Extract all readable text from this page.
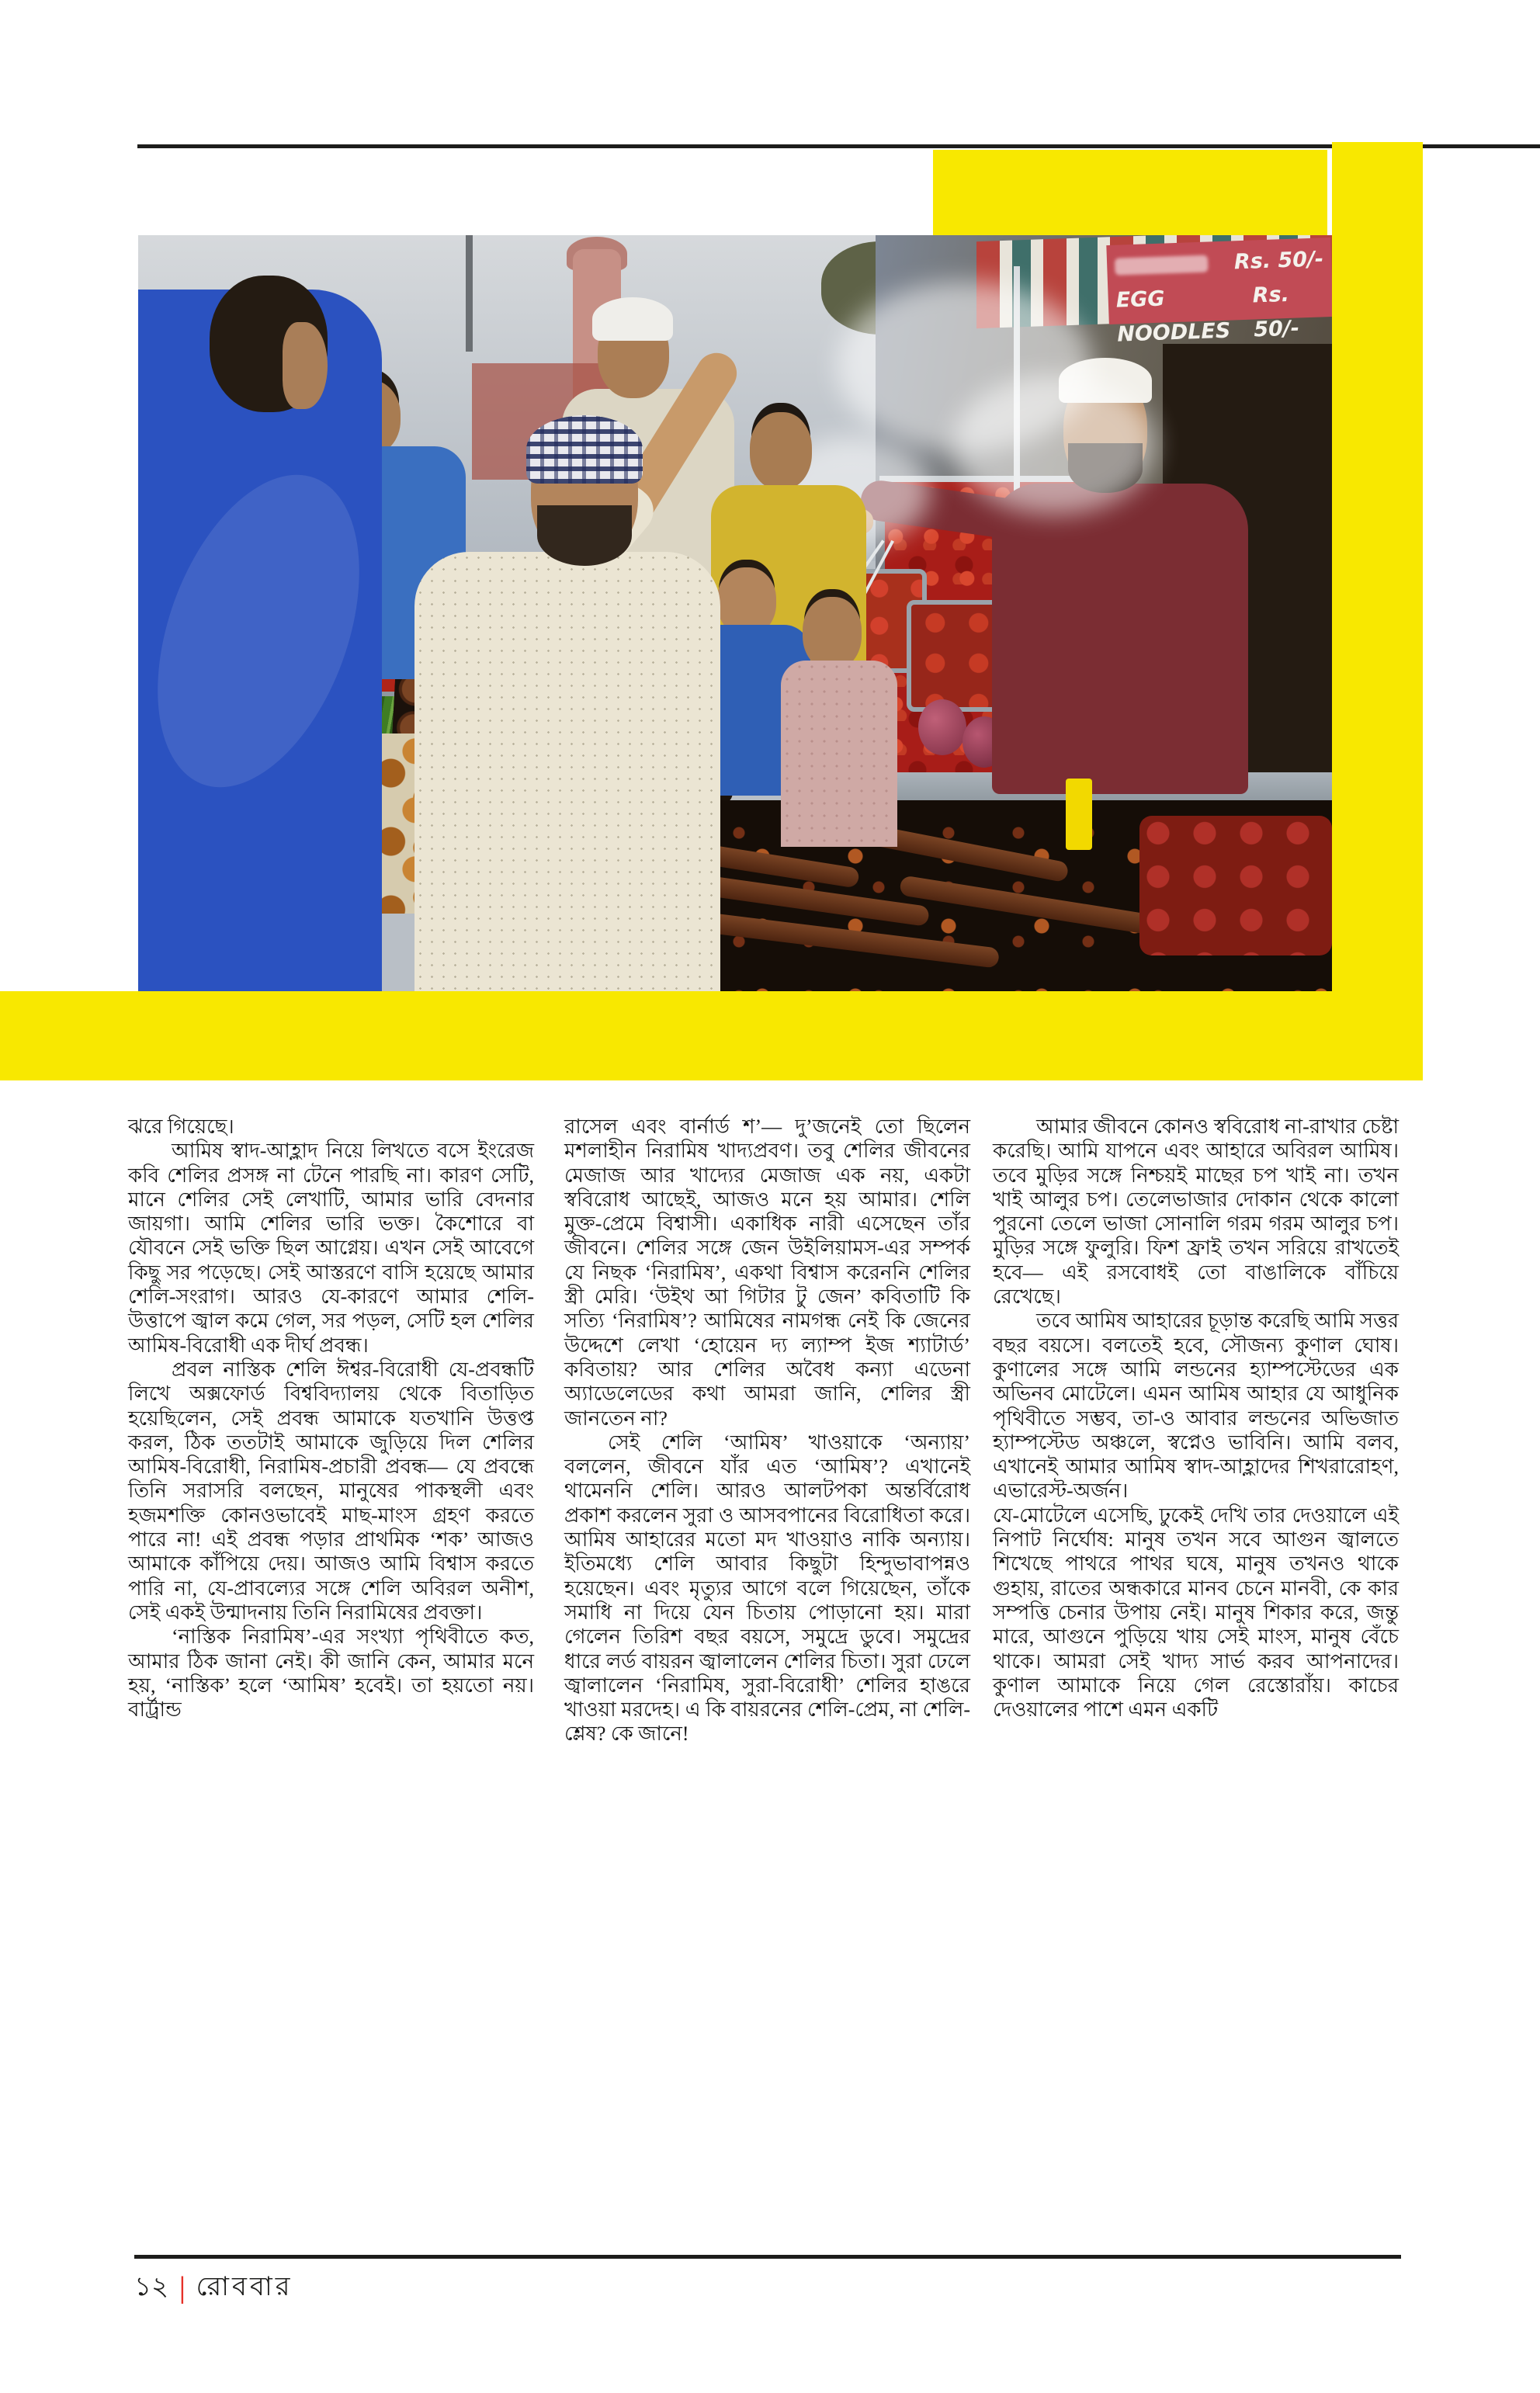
Rs. 50/-
EGG NOODLES
Rs. 50/-

ঝরে গিয়েছে।

আমিষ স্বাদ-আহ্লাদ নিয়ে লিখতে বসে ইংরেজ কবি শেলির প্রসঙ্গ না টেনে পারছি না। কারণ সেটি, মানে শেলির সেই লেখাটি, আমার ভারি বেদনার জায়গা। আমি শেলির ভারি ভক্ত। কৈশোরে বা যৌবনে সেই ভক্তি ছিল আগ্নেয়। এখন সেই আবেগে কিছু সর পড়েছে। সেই আস্তরণে বাসি হয়েছে আমার শেলি-সংরাগ। আরও যে-কারণে আমার শেলি-উত্তাপে জ্বাল কমে গেল, সর পড়ল, সেটি হল শেলির আমিষ-বিরোধী এক দীর্ঘ প্রবন্ধ।

প্রবল নাস্তিক শেলি ঈশ্বর-বিরোধী যে-প্রবন্ধটি লিখে অক্সফোর্ড বিশ্ববিদ্যালয় থেকে বিতাড়িত হয়েছিলেন, সেই প্রবন্ধ আমাকে যতখানি উত্তপ্ত করল, ঠিক ততটাই আমাকে জুড়িয়ে দিল শেলির আমিষ-বিরোধী, নিরামিষ-প্রচারী প্রবন্ধ— যে প্রবন্ধে তিনি সরাসরি বলছেন, মানুষের পাকস্থলী এবং হজমশক্তি কোনওভাবেই মাছ-মাংস গ্রহণ করতে পারে না! এই প্রবন্ধ পড়ার প্রাথমিক ‘শক’ আজও আমাকে কাঁপিয়ে দেয়। আজও আমি বিশ্বাস করতে পারি না, যে-প্রাবল্যের সঙ্গে শেলি অবিরল অনীশ, সেই একই উন্মাদনায় তিনি নিরামিষের প্রবক্তা।

‘নাস্তিক নিরামিষ’-এর সংখ্যা পৃথিবীতে কত, আমার ঠিক জানা নেই। কী জানি কেন, আমার মনে হয়, ‘নাস্তিক’ হলে ‘আমিষ’ হবেই। তা হয়তো নয়। বার্ট্রান্ড

রাসেল এবং বার্নার্ড শ’— দু’জনেই তো ছিলেন মশলাহীন নিরামিষ খাদ্যপ্রবণ। তবু শেলির জীবনের মেজাজ আর খাদ্যের মেজাজ এক নয়, একটা স্ববিরোধ আছেই, আজও মনে হয় আমার। শেলি মুক্ত-প্রেমে বিশ্বাসী। একাধিক নারী এসেছেন তাঁর জীবনে। শেলির সঙ্গে জেন উইলিয়ামস-এর সম্পর্ক যে নিছক ‘নিরামিষ’, একথা বিশ্বাস করেননি শেলির স্ত্রী মেরি। ‘উইথ আ গিটার টু জেন’ কবিতাটি কি সত্যি ‘নিরামিষ’? আমিষের নামগন্ধ নেই কি জেনের উদ্দেশে লেখা ‘হোয়েন দ্য ল্যাম্প ইজ শ্যাটার্ড’ কবিতায়? আর শেলির অবৈধ কন্যা এডেনা অ্যাডেলেডের কথা আমরা জানি, শেলির স্ত্রী জানতেন না?

সেই শেলি ‘আমিষ’ খাওয়াকে ‘অন্যায়’ বললেন, জীবনে যাঁর এত ‘আমিষ’? এখানেই থামেননি শেলি। আরও আলটপকা অন্তর্বিরোধ প্রকাশ করলেন সুরা ও আসবপানের বিরোধিতা করে। আমিষ আহারের মতো মদ খাওয়াও নাকি অন্যায়। ইতিমধ্যে শেলি আবার কিছুটা হিন্দুভাবাপন্নও হয়েছেন। এবং মৃত্যুর আগে বলে গিয়েছেন, তাঁকে সমাধি না দিয়ে যেন চিতায় পোড়ানো হয়। মারা গেলেন তিরিশ বছর বয়সে, সমুদ্রে ডুবে। সমুদ্রের ধারে লর্ড বায়রন জ্বালালেন শেলির চিতা। সুরা ঢেলে জ্বালালেন ‘নিরামিষ, সুরা-বিরোধী’ শেলির হাঙরে খাওয়া মরদেহ। এ কি বায়রনের শেলি-প্রেম, না শেলি-শ্লেষ? কে জানে!

আমার জীবনে কোনও স্ববিরোধ না-রাখার চেষ্টা করেছি। আমি যাপনে এবং আহারে অবিরল আমিষ। তবে মুড়ির সঙ্গে নিশ্চয়ই মাছের চপ খাই না। তখন খাই আলুর চপ। তেলেভাজার দোকান থেকে কালো পুরনো তেলে ভাজা সোনালি গরম গরম আলুর চপ। মুড়ির সঙ্গে ফুলুরি। ফিশ ফ্রাই তখন সরিয়ে রাখতেই হবে— এই রসবোধই তো বাঙালিকে বাঁচিয়ে রেখেছে।

তবে আমিষ আহারের চূড়ান্ত করেছি আমি সত্তর বছর বয়সে। বলতেই হবে, সৌজন্য কুণাল ঘোষ। কুণালের সঙ্গে আমি লন্ডনের হ্যাম্পস্টেডের এক অভিনব মোটেলে। এমন আমিষ আহার যে আধুনিক পৃথিবীতে সম্ভব, তা-ও আবার লন্ডনের অভিজাত হ্যাম্পস্টেড অঞ্চলে, স্বপ্নেও ভাবিনি। আমি বলব, এখানেই আমার আমিষ স্বাদ-আহ্লাদের শিখরারোহণ, এভারেস্ট-অর্জন।

যে-মোটেলে এসেছি, ঢুকেই দেখি তার দেওয়ালে এই নিপাট নির্ঘোষ: মানুষ তখন সবে আগুন জ্বালতে শিখেছে পাথরে পাথর ঘষে, মানুষ তখনও থাকে গুহায়, রাতের অন্ধকারে মানব চেনে মানবী, কে কার সম্পত্তি চেনার উপায় নেই। মানুষ শিকার করে, জন্তু মারে, আগুনে পুড়িয়ে খায় সেই মাংস, মানুষ বেঁচে থাকে। আমরা সেই খাদ্য সার্ভ করব আপনাদের। কুণাল আমাকে নিয়ে গেল রেস্তোরাঁয়। কাচের দেওয়ালের পাশে এমন একটি

১২ | রোববার
